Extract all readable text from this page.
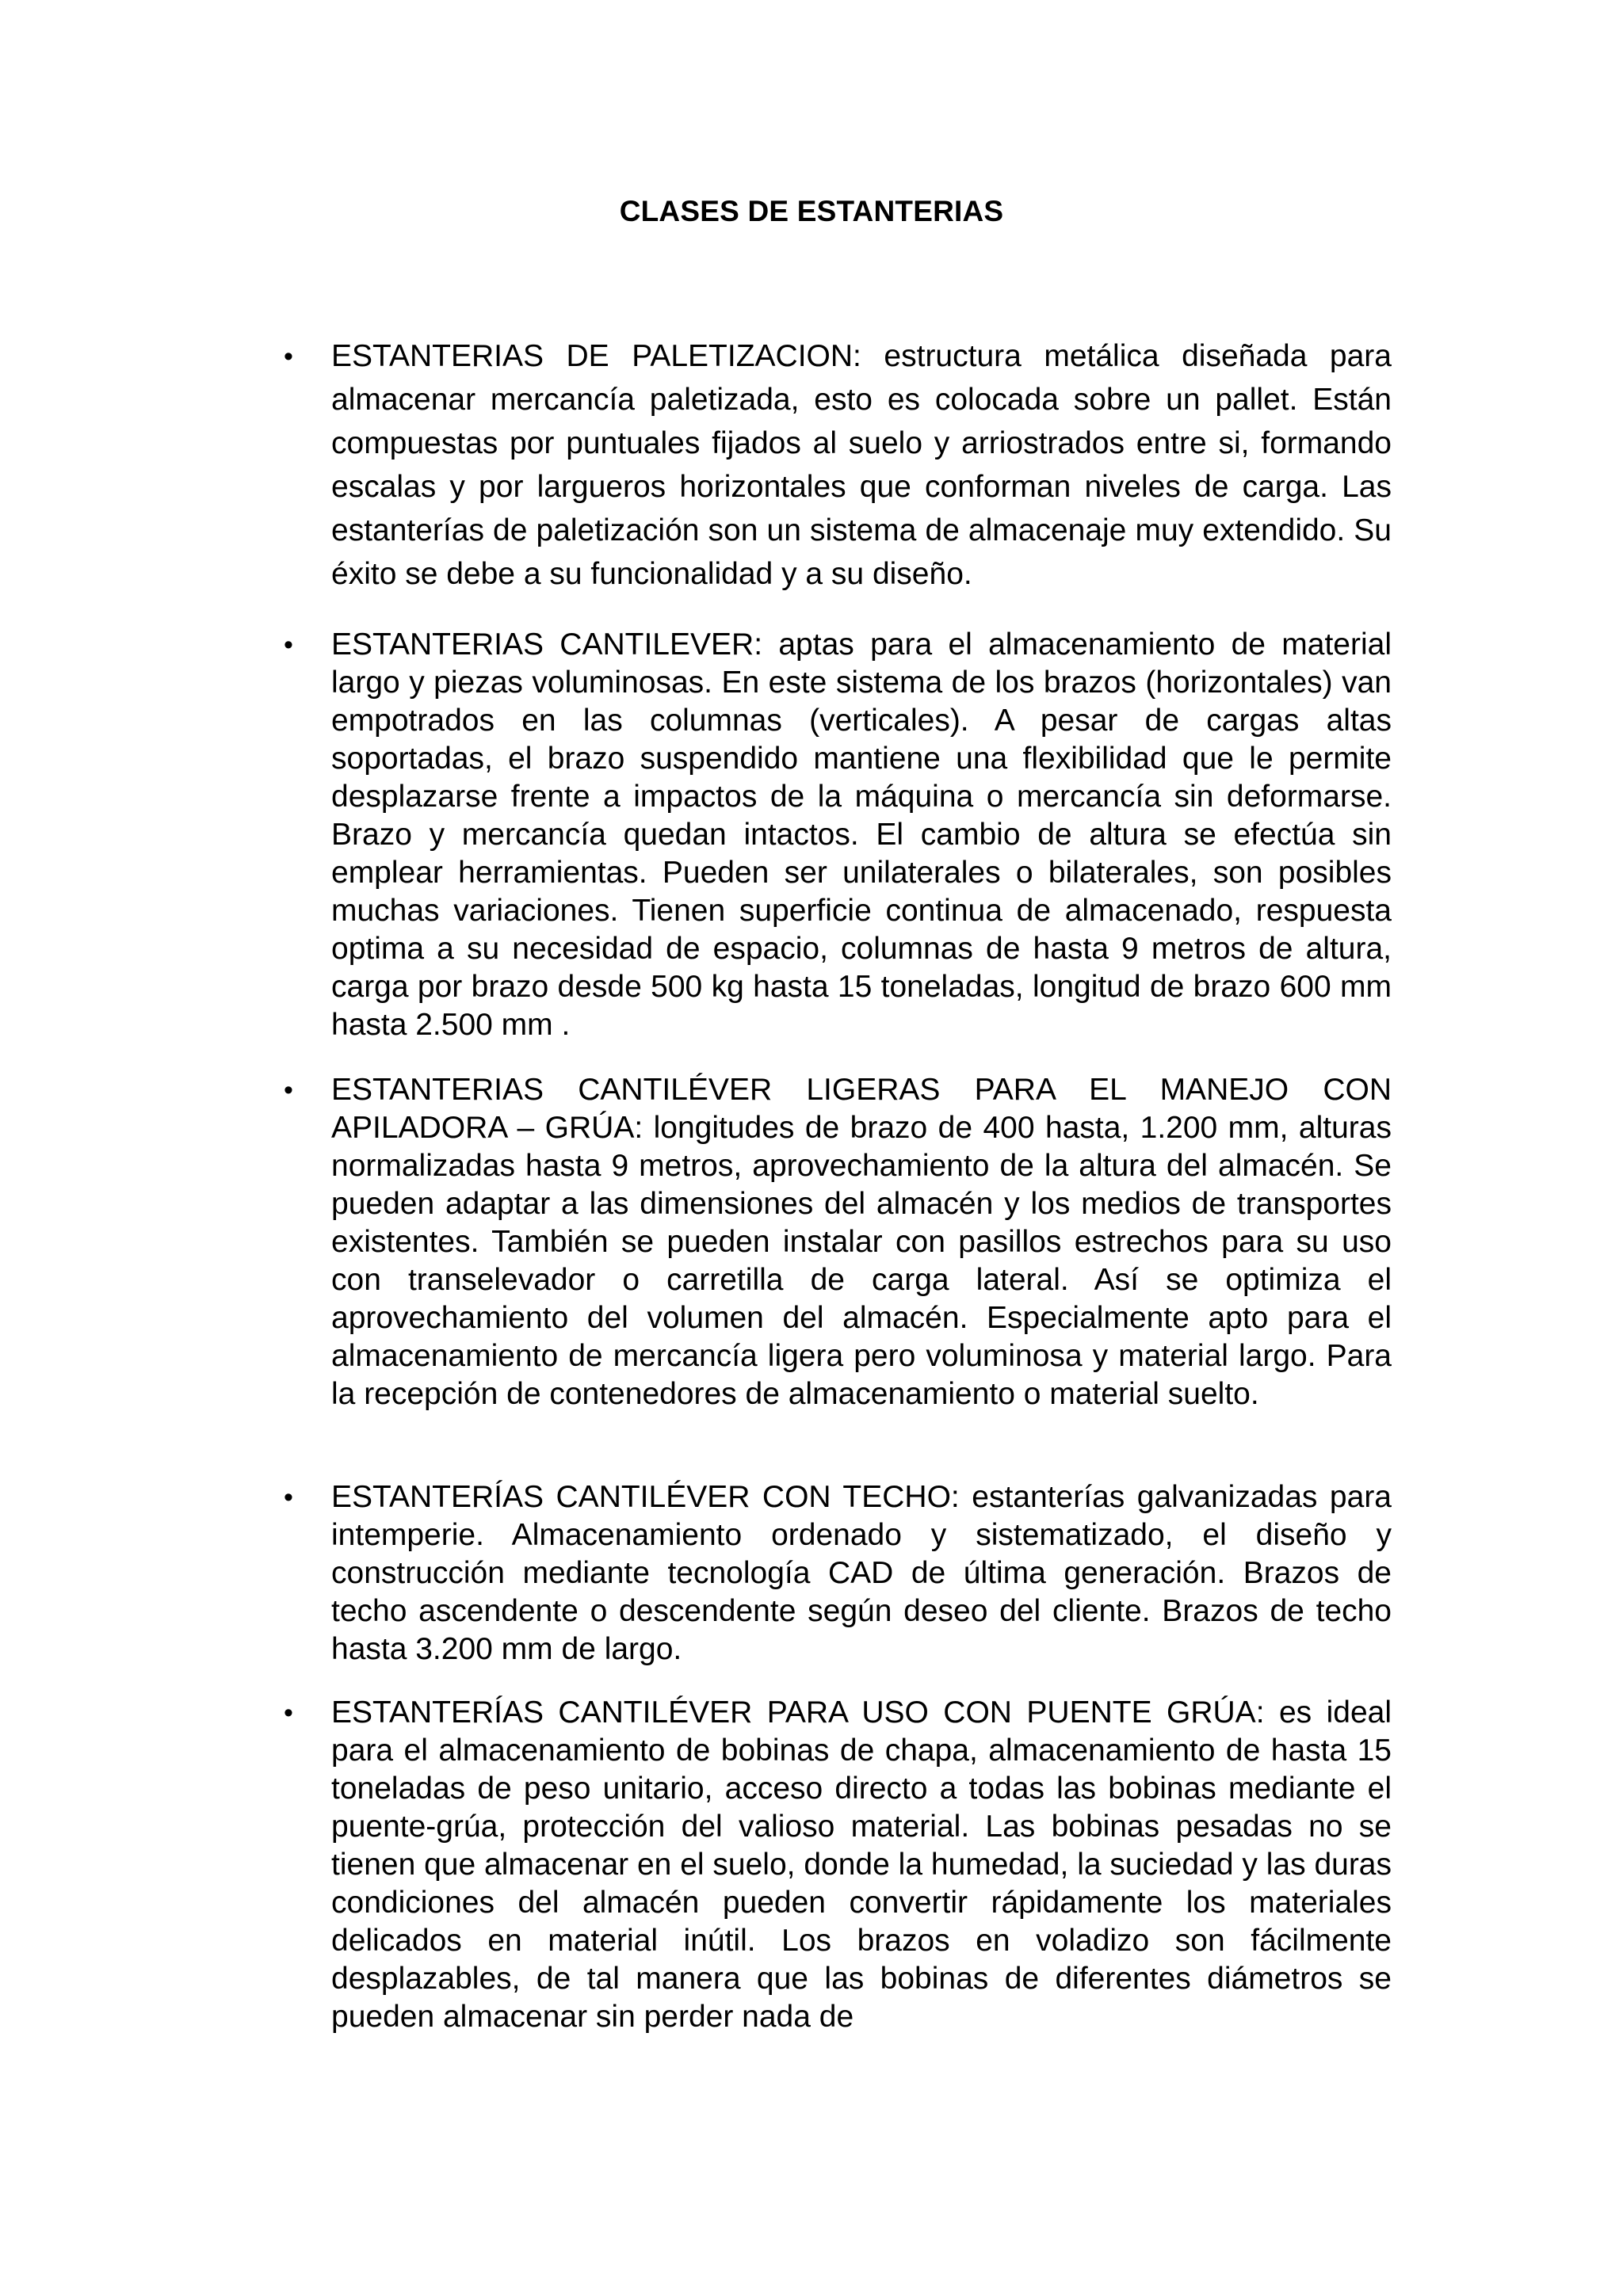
CLASES DE ESTANTERIAS
• ESTANTERIAS DE PALETIZACION: estructura metálica diseñada para almacenar mercancía paletizada, esto es colocada sobre un pallet. Están compuestas por puntuales fijados al suelo y arriostrados entre si, formando escalas y por largueros horizontales que conforman niveles de carga. Las estanterías de paletización son un sistema de almacenaje muy extendido. Su éxito se debe a su funcionalidad y a su diseño.

• ESTANTERIAS CANTILEVER: aptas para el almacenamiento de material largo y piezas voluminosas. En este sistema de los brazos (horizontales) van empotrados en las columnas (verticales). A pesar de cargas altas soportadas, el brazo suspendido mantiene una flexibilidad que le permite desplazarse frente a impactos de la máquina o mercancía sin deformarse. Brazo y mercancía quedan intactos. El cambio de altura se efectúa sin emplear herramientas. Pueden ser unilaterales o bilaterales, son posibles muchas variaciones. Tienen superficie continua de almacenado, respuesta optima a su necesidad de espacio, columnas de hasta 9 metros de altura, carga por brazo desde 500 kg hasta 15 toneladas, longitud de brazo 600 mm hasta 2.500 mm .

• ESTANTERIAS CANTILÉVER LIGERAS PARA EL MANEJO CON APILADORA – GRÚA: longitudes de brazo de 400 hasta, 1.200 mm, alturas normalizadas hasta 9 metros, aprovechamiento de la altura del almacén. Se pueden adaptar a las dimensiones del almacén y los medios de transportes existentes. También se pueden instalar con pasillos estrechos para su uso con transelevador o carretilla de carga lateral. Así se optimiza el aprovechamiento del volumen del almacén. Especialmente apto para el almacenamiento de mercancía ligera pero voluminosa y material largo. Para la recepción de contenedores de almacenamiento o material suelto.

• ESTANTERÍAS CANTILÉVER CON TECHO: estanterías galvanizadas para intemperie. Almacenamiento ordenado y sistematizado, el diseño y construcción mediante tecnología CAD de última generación. Brazos de techo ascendente o descendente según deseo del cliente. Brazos de techo hasta 3.200 mm de largo.

• ESTANTERÍAS CANTILÉVER PARA USO CON PUENTE GRÚA: es ideal para el almacenamiento de bobinas de chapa, almacenamiento de hasta 15 toneladas de peso unitario, acceso directo a todas las bobinas mediante el puente-grúa, protección del valioso material. Las bobinas pesadas no se tienen que almacenar en el suelo, donde la humedad, la suciedad y las duras condiciones del almacén pueden convertir rápidamente los materiales delicados en material inútil. Los brazos en voladizo son fácilmente desplazables, de tal manera que las bobinas de diferentes diámetros se pueden almacenar sin perder nada de
